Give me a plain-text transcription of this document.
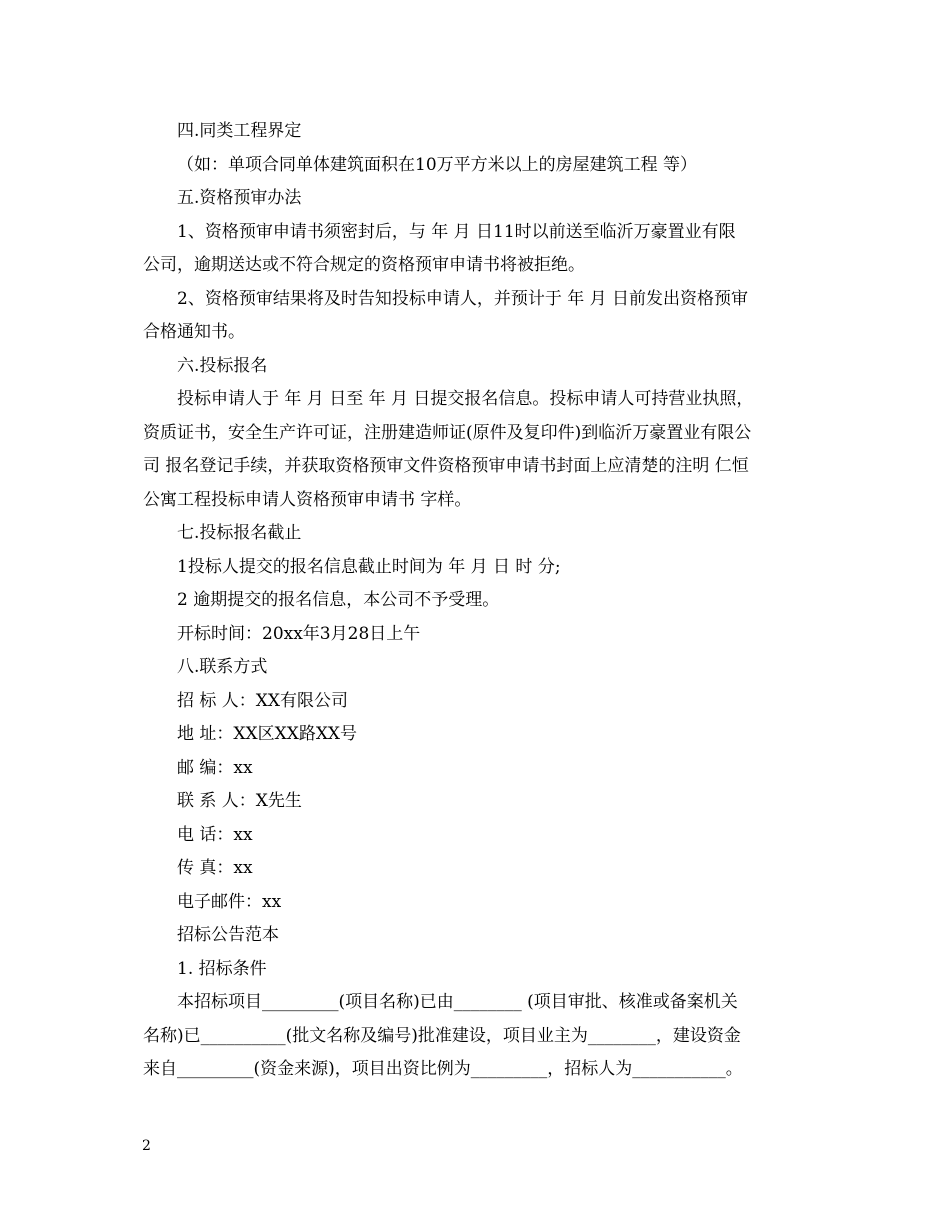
四.同类工程界定
（如：单项合同单体建筑面积在10万平方米以上的房屋建筑工程 等）
五.资格预审办法
1、资格预审申请书须密封后，与 年 月 日11时以前送至临沂万豪置业有限
公司，逾期送达或不符合规定的资格预审申请书将被拒绝。
2、资格预审结果将及时告知投标申请人，并预计于 年 月 日前发出资格预审
合格通知书。
六.投标报名
投标申请人于 年 月 日至 年 月 日提交报名信息。投标申请人可持营业执照，
资质证书，安全生产许可证，注册建造师证(原件及复印件)到临沂万豪置业有限公
司 报名登记手续，并获取资格预审文件资格预审申请书封面上应清楚的注明 仁恒
公寓工程投标申请人资格预审申请书 字样。
七.投标报名截止
1投标人提交的报名信息截止时间为 年 月 日 时 分;
2 逾期提交的报名信息，本公司不予受理。
开标时间：20xx年3月28日上午
八.联系方式
招 标 人：XX有限公司
地 址：XX区XX路XX号
邮 编：xx
联 系 人：X先生
电 话：xx
传 真：xx
电子邮件：xx
招标公告范本
1. 招标条件
本招标项目_________(项目名称)已由________ (项目审批、核准或备案机关
名称)已__________(批文名称及编号)批准建设，项目业主为________，建设资金
来自_________(资金来源)，项目出资比例为_________，招标人为___________。
2
